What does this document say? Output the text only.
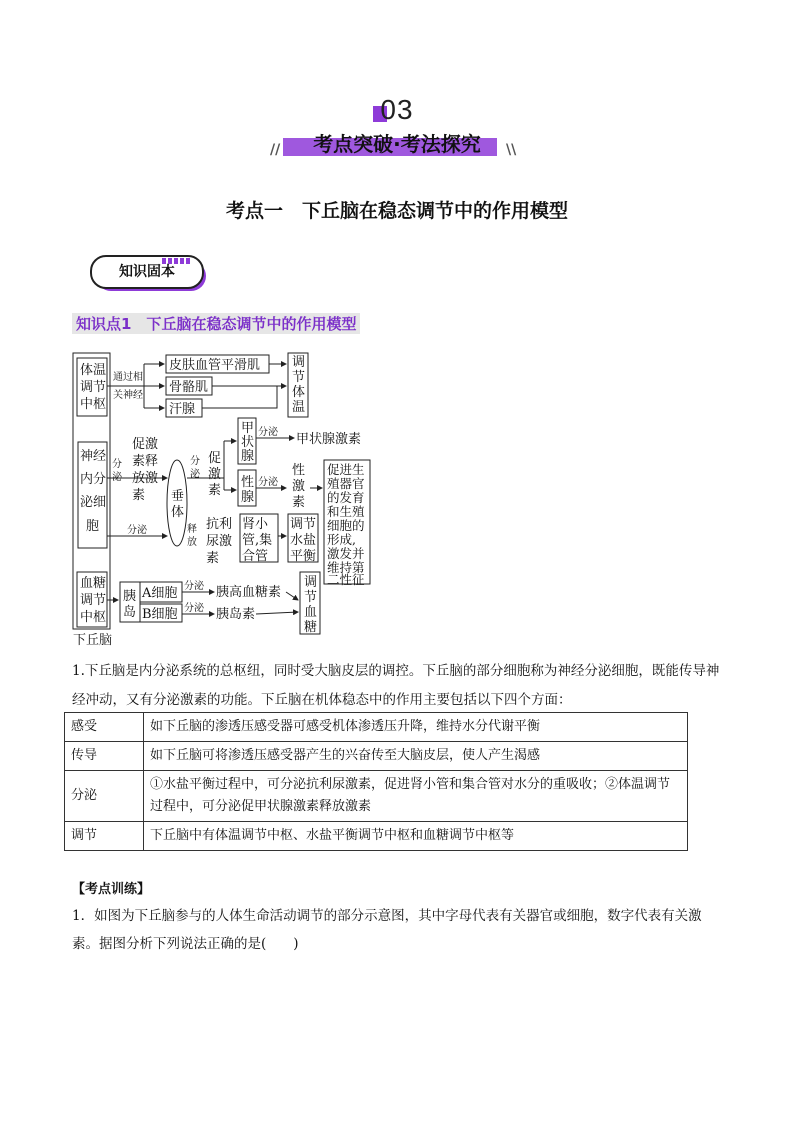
03
//	\\
考点突破·考法探究
考点一　下丘脑在稳态调节中的作用模型
知识固本
知识点1　下丘脑在稳态调节中的作用模型
体温
调节
中枢
神经
内分
泌细
胞
血糖
调节
中枢
下丘脑
通过相
关神经
分
泌
分泌
分
泌
释
放
分泌
分泌
分泌
分泌
皮肤血管平滑肌
骨骼肌
汗腺
调
节
体
温
促激
素释
放激
素 垂
体
促
激
素
甲
状
腺
甲状腺激素
性
腺
性
激
素
抗利
尿激
素
肾小
管,集
合管
调节
水盐
平衡
胰
岛
A细胞
B细胞
胰高血糖素
胰岛素
调
节
血
糖
促进生
殖器官
的发育
和生殖
细胞的
形成,
激发并
维持第
二性征
1.下丘脑是内分泌系统的总枢纽，同时受大脑皮层的调控。下丘脑的部分细胞称为神经分泌细胞，既能传导神经冲动，又有分泌激素的功能。下丘脑在机体稳态中的作用主要包括以下四个方面：
感受	如下丘脑的渗透压感受器可感受机体渗透压升降，维持水分代谢平衡
传导	如下丘脑可将渗透压感受器产生的兴奋传至大脑皮层，使人产生渴感
分泌	①水盐平衡过程中，可分泌抗利尿激素，促进肾小管和集合管对水分的重吸收；②体温调节过程中，可分泌促甲状腺激素释放激素
调节	下丘脑中有体温调节中枢、水盐平衡调节中枢和血糖调节中枢等
【考点训练】
1．如图为下丘脑参与的人体生命活动调节的部分示意图，其中字母代表有关器官或细胞，数字代表有关激素。据图分析下列说法正确的是(　　)
